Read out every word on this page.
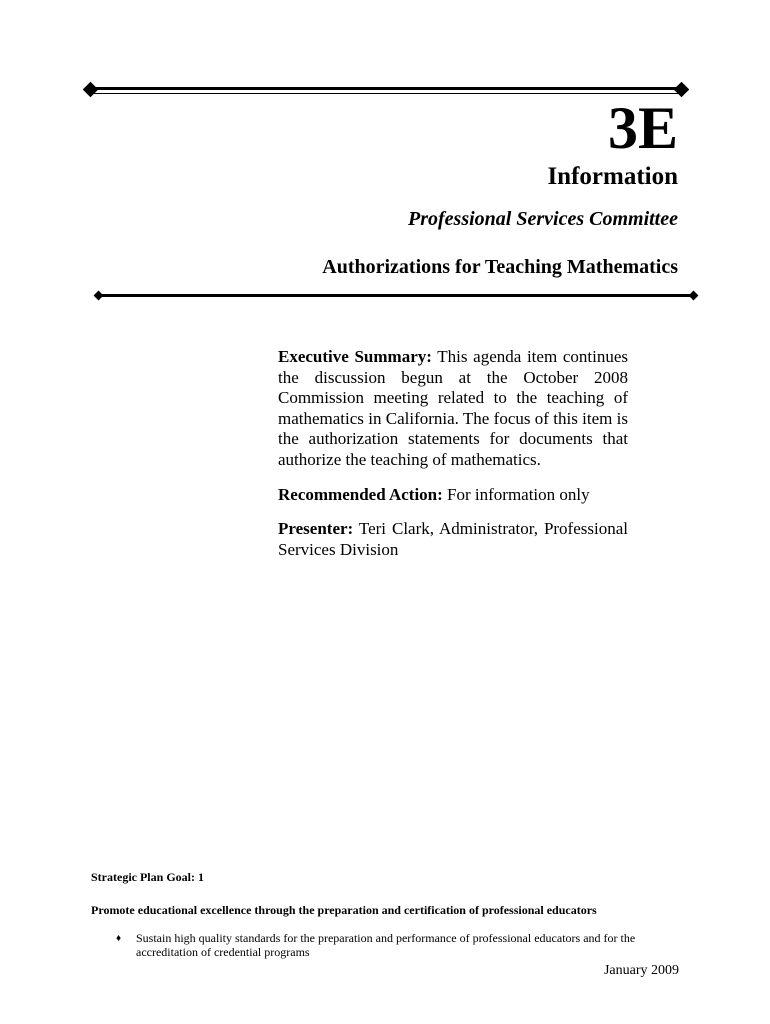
3E
Information
Professional Services Committee
Authorizations for Teaching Mathematics

Executive Summary: This agenda item continues the discussion begun at the October 2008 Commission meeting related to the teaching of mathematics in California. The focus of this item is the authorization statements for documents that authorize the teaching of mathematics.

Recommended Action: For information only

Presenter: Teri Clark, Administrator, Professional Services Division

Strategic Plan Goal: 1
Promote educational excellence through the preparation and certification of professional educators
♦	Sustain high quality standards for the preparation and performance of professional educators and for the accreditation of credential programs
January 2009
